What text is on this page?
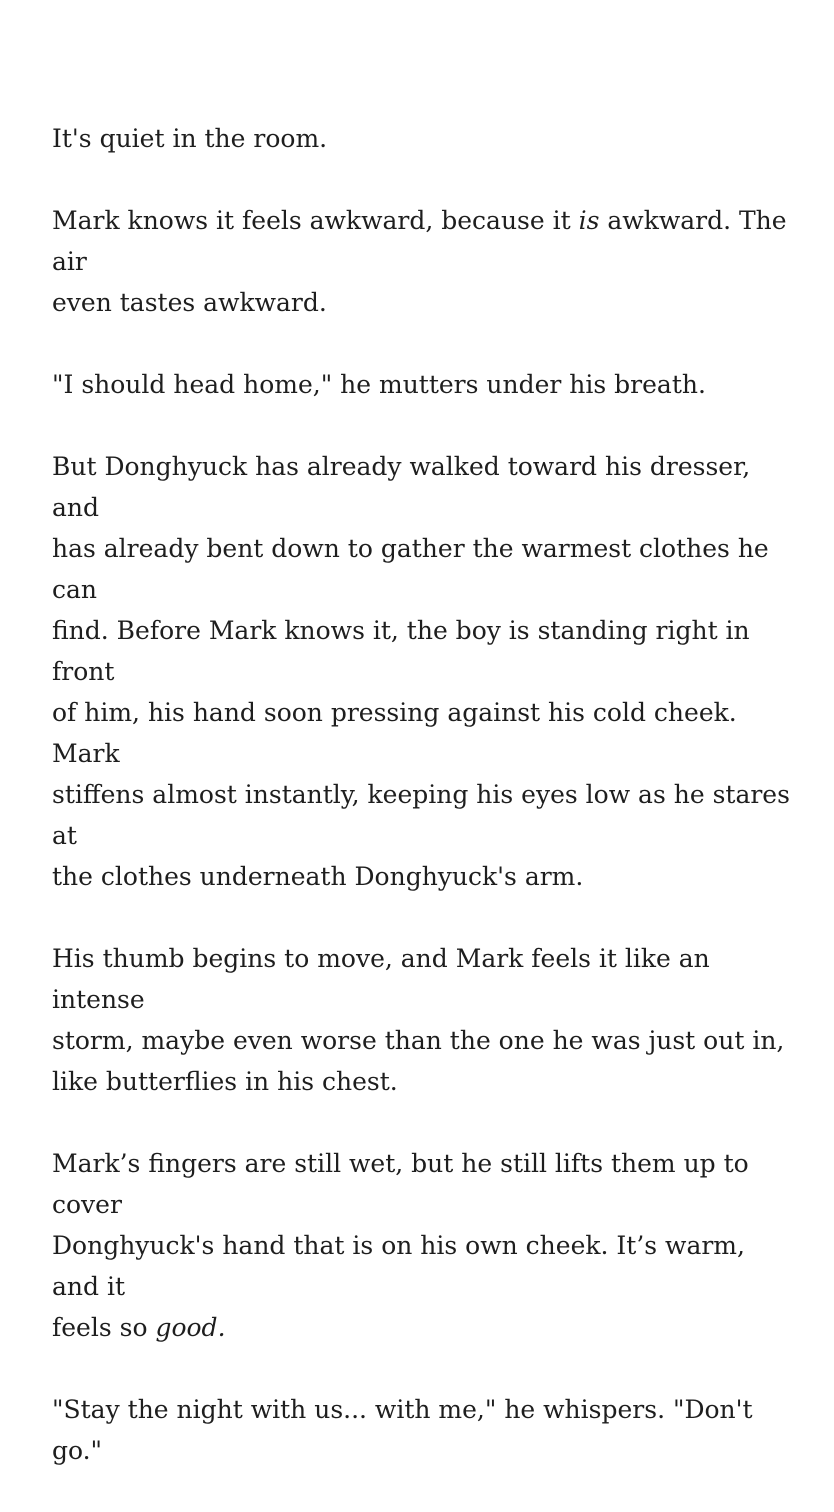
It's quiet in the room.

Mark knows it feels awkward, because it is awkward. The air
even tastes awkward.

"I should head home," he mutters under his breath.

But Donghyuck has already walked toward his dresser, and
has already bent down to gather the warmest clothes he can
find. Before Mark knows it, the boy is standing right in front
of him, his hand soon pressing against his cold cheek. Mark
stiffens almost instantly, keeping his eyes low as he stares at
the clothes underneath Donghyuck's arm.

His thumb begins to move, and Mark feels it like an intense
storm, maybe even worse than the one he was just out in,
like butterflies in his chest.

Mark’s fingers are still wet, but he still lifts them up to cover
Donghyuck's hand that is on his own cheek. It’s warm, and it
feels so good.

"Stay the night with us... with me," he whispers. "Don't go."
